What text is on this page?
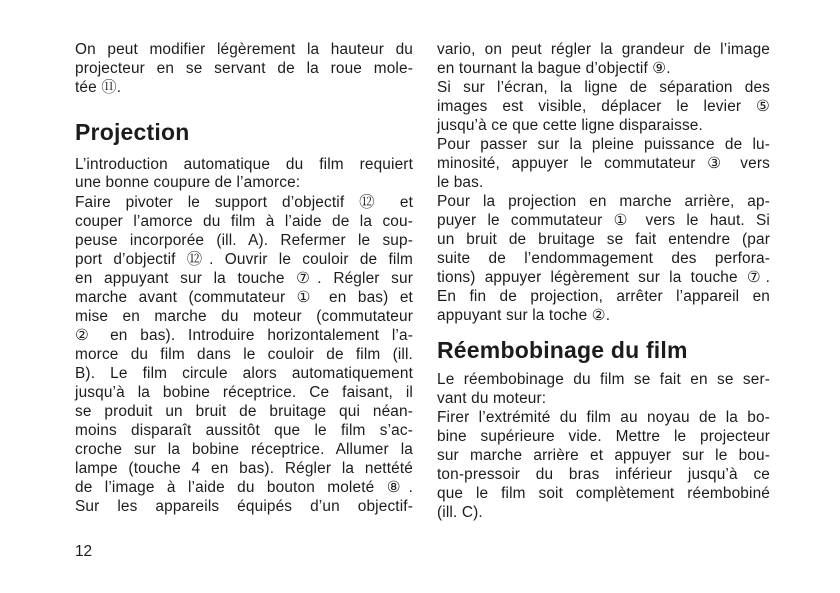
On peut modifier légèrement la hauteur du
projecteur en se servant de la roue mole-
tée ⑪.
Projection
L’introduction automatique du film requiert
une bonne coupure de l’amorce:
Faire pivoter le support d’objectif ⑫ et
couper l’amorce du film à l’aide de la cou-
peuse incorporée (ill. A). Refermer le sup-
port d’objectif ⑫. Ouvrir le couloir de film
en appuyant sur la touche ⑦. Régler sur
marche avant (commutateur ① en bas) et
mise en marche du moteur (commutateur
② en bas). Introduire horizontalement l’a-
morce du film dans le couloir de film (ill.
B). Le film circule alors automatiquement
jusqu’à la bobine réceptrice. Ce faisant, il
se produit un bruit de bruitage qui néan-
moins disparaît aussitôt que le film s’ac-
croche sur la bobine réceptrice. Allumer la
lampe (touche 4 en bas). Régler la nettété
de l’image à l’aide du bouton moleté ⑧.
Sur les appareils équipés d’un objectif-
vario, on peut régler la grandeur de l’image
en tournant la bague d’objectif ⑨.
Si sur l’écran, la ligne de séparation des
images est visible, déplacer le levier ⑤
jusqu’à ce que cette ligne disparaisse.
Pour passer sur la pleine puissance de lu-
minosité, appuyer le commutateur ③ vers
le bas.
Pour la projection en marche arrière, ap-
puyer le commutateur ① vers le haut. Si
un bruit de bruitage se fait entendre (par
suite de l’endommagement des perfora-
tions) appuyer légèrement sur la touche ⑦.
En fin de projection, arrêter l’appareil en
appuyant sur la toche ②.
Réembobinage du film
Le réembobinage du film se fait en se ser-
vant du moteur:
Firer l’extrémité du film au noyau de la bo-
bine supérieure vide. Mettre le projecteur
sur marche arrière et appuyer sur le bou-
ton-pressoir du bras inférieur jusqu’à ce
que le film soit complètement réembobiné
(ill. C).
12
